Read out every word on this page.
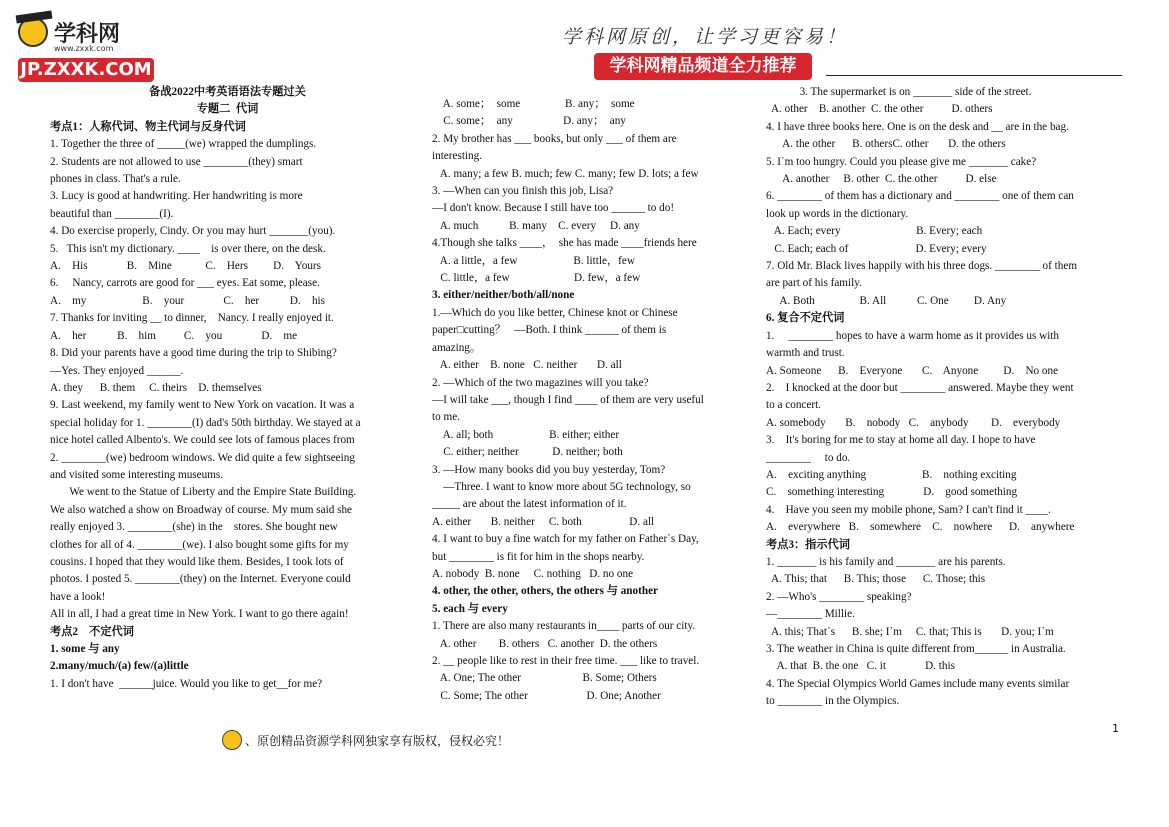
学科网
www.zxxk.com
JP.ZXXK.COM
学科网原创，让学习更容易！
学科网精品频道全力推荐
备战2022中考英语语法专题过关
专题二  代词
考点1：人称代词、物主代词与反身代词
1. Together the three of _____(we) wrapped the dumplings.
2. Students are not allowed to use ________(they) smart
phones in class. That's a rule.
3. Lucy is good at handwriting. Her handwriting is more
beautiful than ________(I).
4. Do exercise properly, Cindy. Or you may hurt _______(you).
5.   This isn't my dictionary. ____    is over there, on the desk.
A.    His              B.    Mine            C.    Hers         D.    Yours
6.     Nancy, carrots are good for ___ eyes. Eat some, please.
A.    my                    B.    your              C.    her           D.    his
7. Thanks for inviting __ to dinner,    Nancy. I really enjoyed it.
A.    her           B.    him          C.    you              D.    me
8. Did your parents have a good time during the trip to Shibing?
—Yes. They enjoyed ______.
A. they      B. them     C. theirs    D. themselves
9. Last weekend, my family went to New York on vacation. It was a
special holiday for 1. ________(I) dad's 50th birthday. We stayed at a
nice hotel called Albento's. We could see lots of famous places from
2. ________(we) bedroom windows. We did quite a few sightseeing
and visited some interesting museums.
We went to the Statue of Liberty and the Empire State Building.
We also watched a show on Broadway of course. My mum said she
really enjoyed 3. ________(she) in the    stores. She bought new
clothes for all of 4. ________(we). I also bought some gifts for my
cousins. I hoped that they would like them. Besides, I took lots of
photos. I posted 5. ________(they) on the Internet. Everyone could
have a look!
All in all, I had a great time in New York. I want to go there again!
考点2    不定代词
1. some 与 any
2.many/much/(a) few/(a)little
1. I don't have  ______juice. Would you like to get__for me?
A. some；  some                B. any；  some
C. some；  any                  D. any；  any
2. My brother has ___ books, but only ___ of them are
interesting.
A. many; a few B. much; few C. many; few D. lots; a few
3. —When can you finish this job, Lisa?
—I don't know. Because I still have too ______ to do!
A. much           B. many    C. every     D. any
4.Though she talks ____，  she has made ____friends here
A. a little，a few                    B. little，few
C. little，a few                       D. few，a few
3. either/neither/both/all/none
1.—Which do you like better, Chinese knot or Chinese
paper□cutting？   —Both. I think ______ of them is
amazing。
A. either    B. none   C. neither       D. all
2. —Which of the two magazines will you take?
—I will take ___, though I find ____ of them are very useful
to me.
A. all; both                    B. either; either
C. either; neither            D. neither; both
3. —How many books did you buy yesterday, Tom?
—Three. I want to know more about 5G technology, so
_____ are about the latest information of it.
A. either       B. neither     C. both                 D. all
4. I want to buy a fine watch for my father on Father᾿s Day,
but ________ is fit for him in the shops nearby.
A. nobody  B. none     C. nothing   D. no one
4. other, the other, others, the others 与 another
5. each 与 every
1. There are also many restaurants in____ parts of our city.
A. other        B. others   C. another  D. the others
2. __ people like to rest in their free time. ___ like to travel.
A. One; The other                      B. Some; Others
C. Some; The other                     D. One; Another
3. The supermarket is on _______ side of the street.
A. other    B. another  C. the other          D. others
4. I have three books here. One is on the desk and __ are in the bag.
A. the other      B. othersC. other       D. the others
5. I᾿m too hungry. Could you please give me _______ cake?
A. another     B. other  C. the other          D. else
6. ________ of them has a dictionary and ________ one of them can
look up words in the dictionary.
A. Each; every                           B. Every; each
C. Each; each of                        D. Every; every
7. Old Mr. Black lives happily with his three dogs. ________ of them
are part of his family.
A. Both                B. All           C. One         D. Any
6. 复合不定代词
1.     ________ hopes to have a warm home as it provides us with
warmth and trust.
A. Someone      B.    Everyone       C.    Anyone         D.    No one
2.    I knocked at the door but ________ answered. Maybe they went
to a concert.
A. somebody       B.    nobody   C.    anybody        D.    everybody
3.    It's boring for me to stay at home all day. I hope to have
________     to do.
A.    exciting anything                    B.    nothing exciting
C.    something interesting              D.    good something
4.    Have you seen my mobile phone, Sam? I can't find it ____.
A.    everywhere   B.    somewhere    C.    nowhere      D.    anywhere
考点3：指示代词
1. _______ is his family and _______ are his parents.
A. This; that      B. This; those      C. Those; this
2. —Who's ________ speaking?
—________ Millie.
A. this; That᾿s      B. she; I᾿m     C. that; This is       D. you; I᾿m
3. The weather in China is quite different from______ in Australia.
A. that  B. the one   C. it              D. this
4. The Special Olympics World Games include many events similar
to ________ in the Olympics.
、原创精品资源学科网独家享有版权，侵权必究！
1
